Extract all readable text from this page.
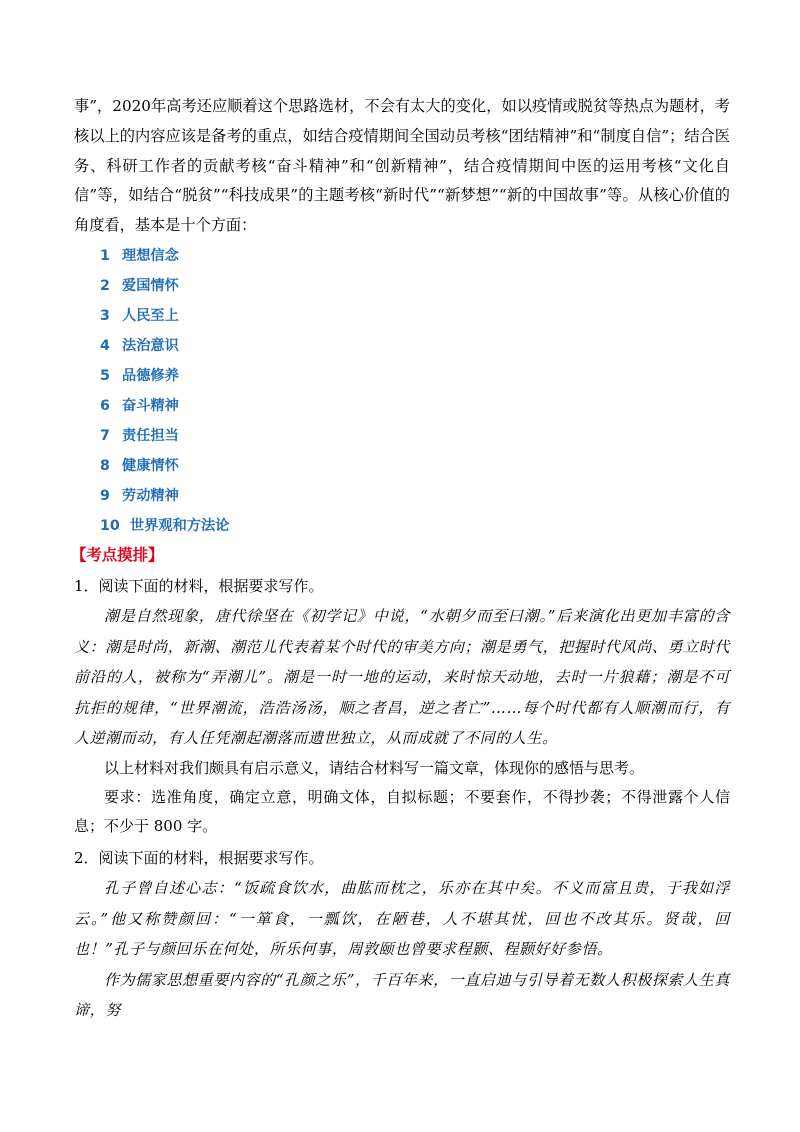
事”，2020年高考还应顺着这个思路选材，不会有太大的变化，如以疫情或脱贫等热点为题材，考核以上的内容应该是备考的重点，如结合疫情期间全国动员考核“团结精神”和“制度自信”；结合医务、科研工作者的贡献考核“奋斗精神”和“创新精神”，结合疫情期间中医的运用考核“文化自信”等，如结合“脱贫”“科技成果”的主题考核“新时代”“新梦想”“新的中国故事”等。从核心价值的角度看，基本是十个方面：

1 理想信念
2 爱国情怀
3 人民至上
4 法治意识
5 品德修养
6 奋斗精神
7 责任担当
8 健康情怀
9 劳动精神
10 世界观和方法论

【考点摸排】

1．阅读下面的材料，根据要求写作。

潮是自然现象，唐代徐坚在《初学记》中说，“水朝夕而至曰潮。”后来演化出更加丰富的含义：潮是时尚，新潮、潮范儿代表着某个时代的审美方向；潮是勇气，把握时代风尚、勇立时代前沿的人，被称为“弄潮儿”。潮是一时一地的运动，来时惊天动地，去时一片狼藉；潮是不可抗拒的规律，“世界潮流，浩浩汤汤，顺之者昌，逆之者亡”……每个时代都有人顺潮而行，有人逆潮而动，有人任凭潮起潮落而遗世独立，从而成就了不同的人生。

以上材料对我们颇具有启示意义，请结合材料写一篇文章，体现你的感悟与思考。

要求：选准角度，确定立意，明确文体，自拟标题；不要套作，不得抄袭；不得泄露个人信息；不少于 800 字。

2．阅读下面的材料，根据要求写作。

孔子曾自述心志：“饭疏食饮水，曲肱而枕之，乐亦在其中矣。不义而富且贵，于我如浮云。”他又称赞颜回：“一箪食，一瓢饮，在陋巷，人不堪其忧，回也不改其乐。贤哉，回也！”孔子与颜回乐在何处，所乐何事，周敦颐也曾要求程颢、程颢好好参悟。

作为儒家思想重要内容的“孔颜之乐”，千百年来，一直启迪与引导着无数人积极探索人生真谛，努
